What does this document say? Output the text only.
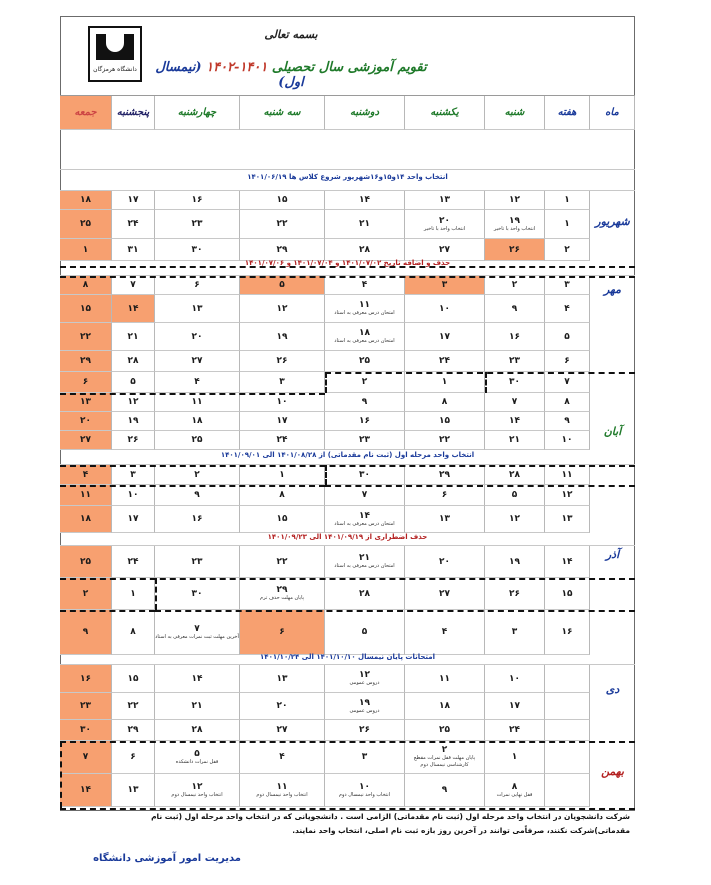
دانشگاه هرمزگان
بسمه تعالی
تقویم آموزشی سال تحصیلی ۱۴۰۱-۱۴۰۲ (نیمسال اول)
ماه
هفته
شنبه
یکشنبه
دوشنبه
سه شنبه
چهارشنبه
پنجشنبه
جمعه
۱
۱۲
۱۳
۱۴
۱۵
۱۶
۱۷
۱۸
۱
۱۹
انتخاب واحد با تاخیر
۲۰
انتخاب واحد با تاخیر
۲۱
۲۲
۲۳
۲۴
۲۵
۲
۲۶
۲۷
۲۸
۲۹
۳۰
۳۱
۱
۳
۲
۳
۴
۵
۶
۷
۸
۴
۹
۱۰
۱۱
امتحان درس معرفی به استاد
۱۲
۱۳
۱۴
۱۵
۵
۱۶
۱۷
۱۸
امتحان درس معرفی به استاد
۱۹
۲۰
۲۱
۲۲
۶
۲۳
۲۴
۲۵
۲۶
۲۷
۲۸
۲۹
۷
۳۰
۱
۲
۳
۴
۵
۶
۸
۷
۸
۹
۱۰
۱۱
۱۲
۱۳
۹
۱۴
۱۵
۱۶
۱۷
۱۸
۱۹
۲۰
۱۰
۲۱
۲۲
۲۳
۲۴
۲۵
۲۶
۲۷
۱۱
۲۸
۲۹
۳۰
۱
۲
۳
۴
۱۲
۵
۶
۷
۸
۹
۱۰
۱۱
۱۳
۱۲
۱۳
۱۴
امتحان درس معرفی به استاد
۱۵
۱۶
۱۷
۱۸
۱۴
۱۹
۲۰
۲۱
امتحان درس معرفی به استاد
۲۲
۲۳
۲۴
۲۵
۱۵
۲۶
۲۷
۲۸
۲۹
پایان مهلت حذف ترم
۳۰
۱
۲
۱۶
۳
۴
۵
۶
۷
آخرین مهلت ثبت نمرات معرفی به استاد
۸
۹
۱۰
۱۱
۱۲
دروس عمومی
۱۳
۱۴
۱۵
۱۶
۱۷
۱۸
۱۹
دروس عمومی
۲۰
۲۱
۲۲
۲۳
۲۴
۲۵
۲۶
۲۷
۲۸
۲۹
۳۰
۱
۲
پایان مهلت قفل نمرات مقطع کارشناسی نیمسال دوم
۳
۴
۵
قفل نمرات دانشکده
۶
۷
۸
قفل نهایی نمرات
۹
۱۰
انتخاب واحد نیمسال دوم
۱۱
انتخاب واحد نیمسال دوم
۱۲
انتخاب واحد نیمسال دوم
۱۳
۱۴
شرکت دانشجویان در انتخاب واحد مرحله اول (ثبت نام مقدماتی) الزامی است . دانشجویانی که در انتخاب واحد مرحله اول (ثبت نام مقدماتی)شرکت نکنند، صرفاًمی توانند در آخرین روز بازه ثبت نام اصلی، انتخاب واحد نمایند.
مدیریت امور آموزشی دانشگاه
انتخاب واحد ۱۴و۱۵و۱۶شهریور شروع کلاس ها ۱۴۰۱/۰۶/۱۹
حذف و اضافه تاریخ ۱۴۰۱/۰۷/۰۲ و ۱۴۰۱/۰۷/۰۴ و ۱۴۰۱/۰۷/۰۶
انتخاب واحد مرحله اول (ثبت نام مقدماتی) از ۱۴۰۱/۰۸/۲۸ الی ۱۴۰۱/۰۹/۰۱
حذف اضطراری از ۱۴۰۱/۰۹/۱۹ الی ۱۴۰۱/۰۹/۲۳
امتحانات پایان نیمسال ۱۴۰۱/۱۰/۱۰ الی ۱۴۰۱/۱۰/۲۴
شهریور
مهر
آبان
آذر
دی
بهمن
